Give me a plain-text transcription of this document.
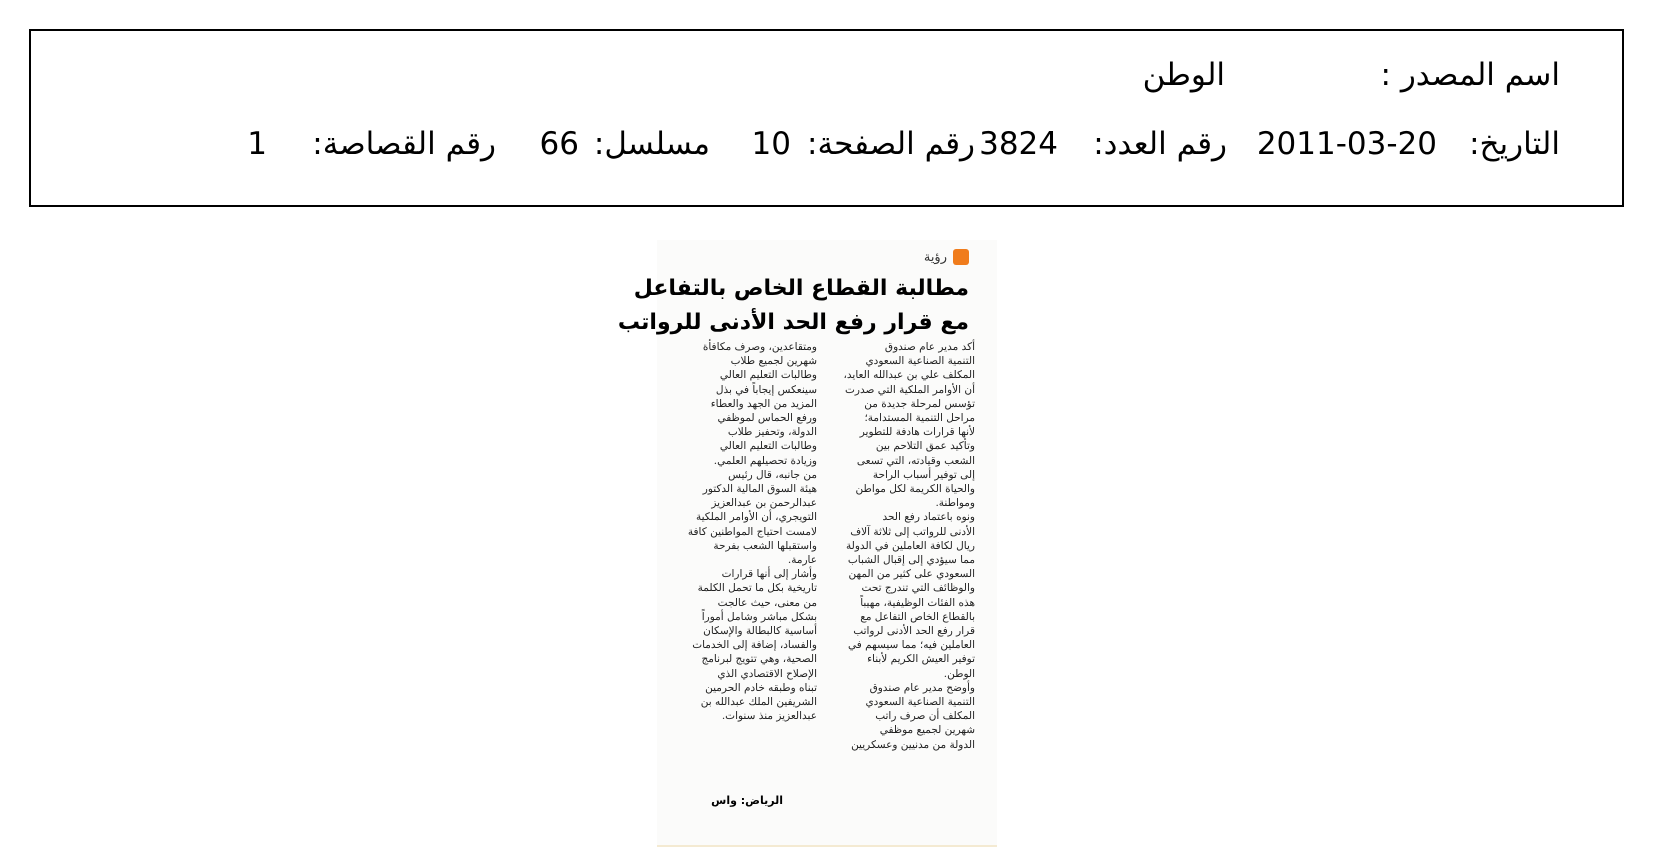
اسم المصدر :
الوطن
التاريخ:
2011-03-20
رقم العدد:
3824
رقم الصفحة:
10
مسلسل:
66
رقم القصاصة:
1
رؤية
مطالبة القطاع الخاص بالتفاعل
مع قرار رفع الحد الأدنى للرواتب
أكد مدير عام صندوق
التنمية الصناعية السعودي
المكلف علي بن عبدالله العايد،
أن الأوامر الملكية التي صدرت
تؤسس لمرحلة جديدة من
مراحل التنمية المستدامة؛
لأنها قرارات هادفة للتطوير
وتأكيد عمق التلاحم بين
الشعب وقيادته، التي تسعى
إلى توفير أسباب الراحة
والحياة الكريمة لكل مواطن
ومواطنة.
ونوه باعتماد رفع الحد
الأدنى للرواتب إلى ثلاثة آلاف
ريال لكافة العاملين في الدولة
مما سيؤدي إلى إقبال الشباب
السعودي على كثير من المهن
والوظائف التي تندرج تحت
هذه الفئات الوظيفية، مهيباً
بالقطاع الخاص التفاعل مع
قرار رفع الحد الأدنى لرواتب
العاملين فيه؛ مما سيسهم في
توفير العيش الكريم لأبناء
الوطن.
وأوضح مدير عام صندوق
التنمية الصناعية السعودي
المكلف أن صرف راتب
شهرين لجميع موظفي
الدولة من مدنيين وعسكريين
ومتقاعدين، وصرف مكافأة
شهرين لجميع طلاب
وطالبات التعليم العالي
سينعكس إيجاباً في بذل
المزيد من الجهد والعطاء
ورفع الحماس لموظفي
الدولة، وتحفيز طلاب
وطالبات التعليم العالي
وزيادة تحصيلهم العلمي.
من جانبه، قال رئيس
هيئة السوق المالية الدكتور
عبدالرحمن بن عبدالعزيز
التويجري، أن الأوامر الملكية
لامست احتياج المواطنين كافة
واستقبلها الشعب بفرحة
عارمة.
وأشار إلى أنها قرارات
تاريخية بكل ما تحمل الكلمة
من معنى، حيث عالجت
بشكل مباشر وشامل أموراً
أساسية كالبطالة والإسكان
والفساد، إضافة إلى الخدمات
الصحية، وهي تتويج لبرنامج
الإصلاح الاقتصادي الذي
تبناه وطبقه خادم الحرمين
الشريفين الملك عبدالله بن
عبدالعزيز منذ سنوات.
الرياض: واس
